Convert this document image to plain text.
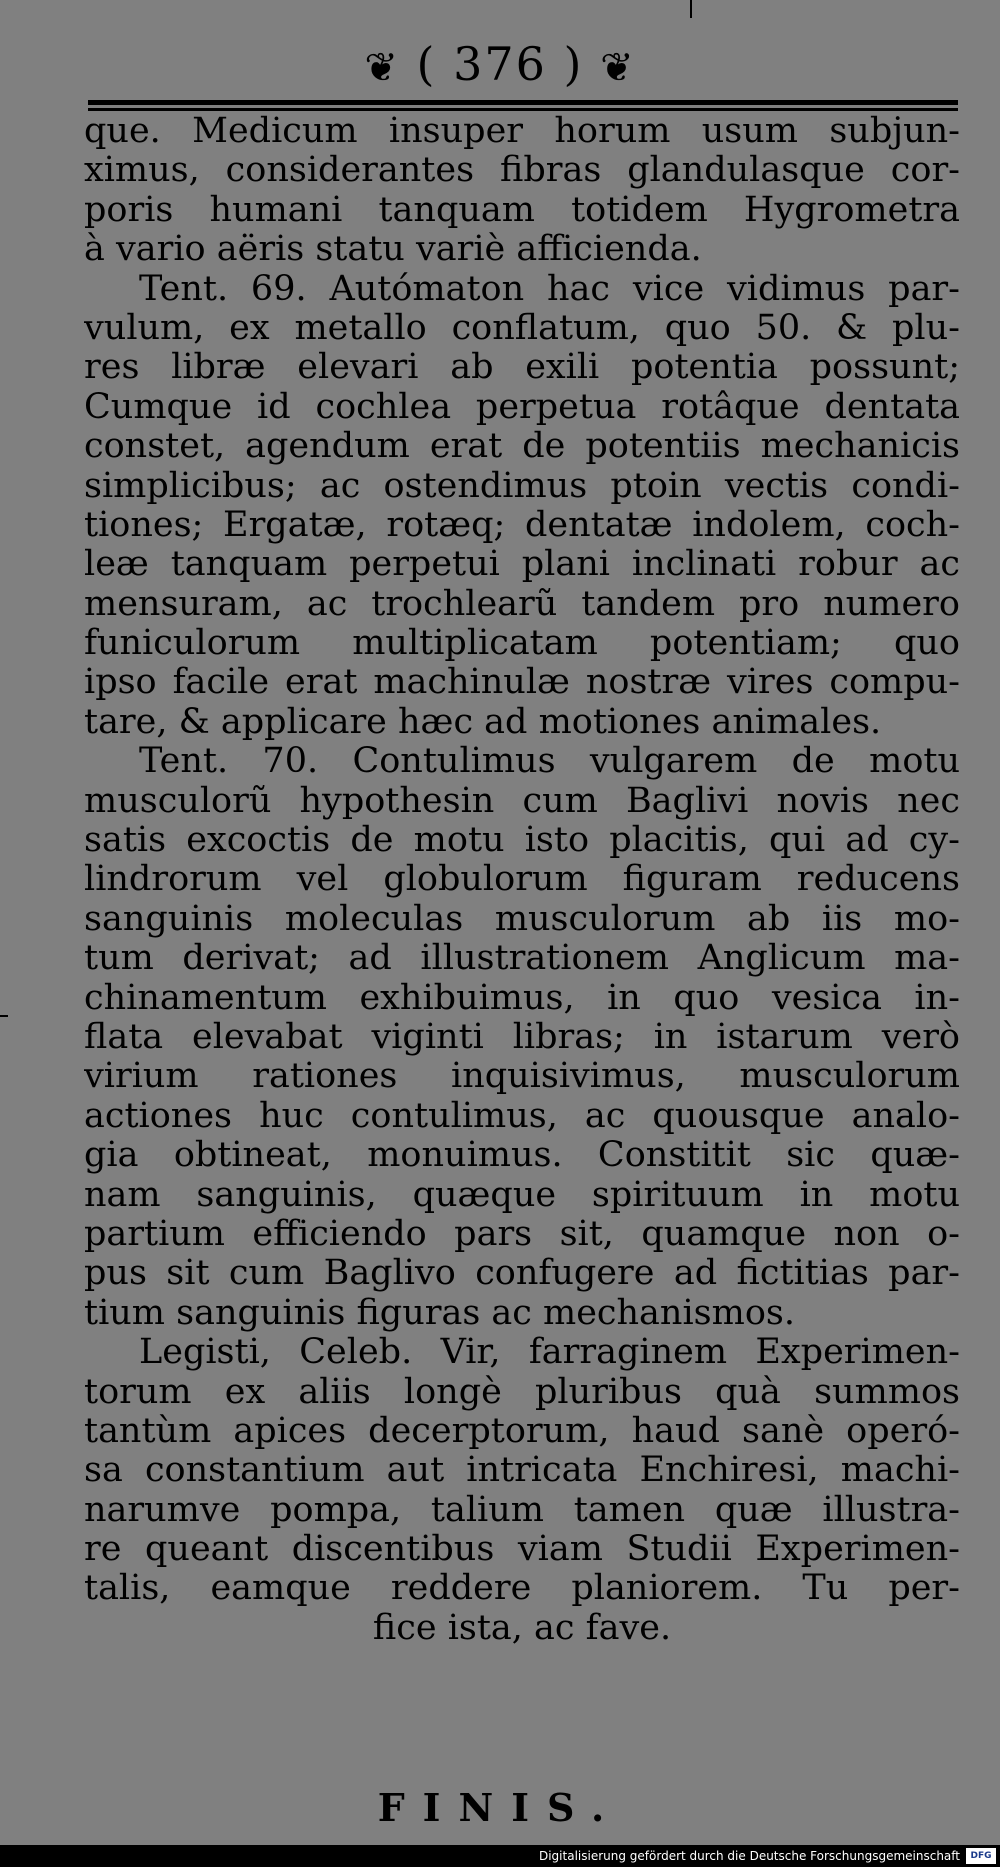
❦ ( 376 ) ❦
que. Medicum insuper horum usum subjun-
ximus, considerantes fibras glandulasque cor-
poris humani tanquam totidem Hygrometra
à vario aëris statu variè afficienda.
Tent. 69. Autómaton hac vice vidimus par-
vulum, ex metallo conflatum, quo 50. & plu-
res libræ elevari ab exili potentia possunt;
Cumque id cochlea perpetua rotâque dentata
constet, agendum erat de potentiis mechanicis
simplicibus; ac ostendimus ptoin vectis condi-
tiones; Ergatæ, rotæq; dentatæ indolem, coch-
leæ tanquam perpetui plani inclinati robur ac
mensuram, ac trochlearũ tandem pro numero
funiculorum multiplicatam potentiam; quo
ipso facile erat machinulæ nostræ vires compu-
tare, & applicare hæc ad motiones animales.
Tent. 70. Contulimus vulgarem de motu
musculorũ hypothesin cum Baglivi novis nec
satis excoctis de motu isto placitis, qui ad cy-
lindrorum vel globulorum figuram reducens
sanguinis moleculas musculorum ab iis mo-
tum derivat; ad illustrationem Anglicum ma-
chinamentum exhibuimus, in quo vesica in-
flata elevabat viginti libras; in istarum verò
virium rationes inquisivimus, musculorum
actiones huc contulimus, ac quousque analo-
gia obtineat, monuimus. Constitit sic quæ-
nam sanguinis, quæque spirituum in motu
partium efficiendo pars sit, quamque non o-
pus sit cum Baglivo confugere ad fictitias par-
tium sanguinis figuras ac mechanismos.
Legisti, Celeb. Vir, farraginem Experimen-
torum ex aliis longè pluribus quà summos
tantùm apices decerptorum, haud sanè operó-
sa constantium aut intricata Enchiresi, machi-
narumve pompa, talium tamen quæ illustra-
re queant discentibus viam Studii Experimen-
talis, eamque reddere planiorem. Tu per-
fice ista, ac fave.
FINIS.
Digitalisierung gefördert durch die Deutsche Forschungsgemeinschaft	DFG
